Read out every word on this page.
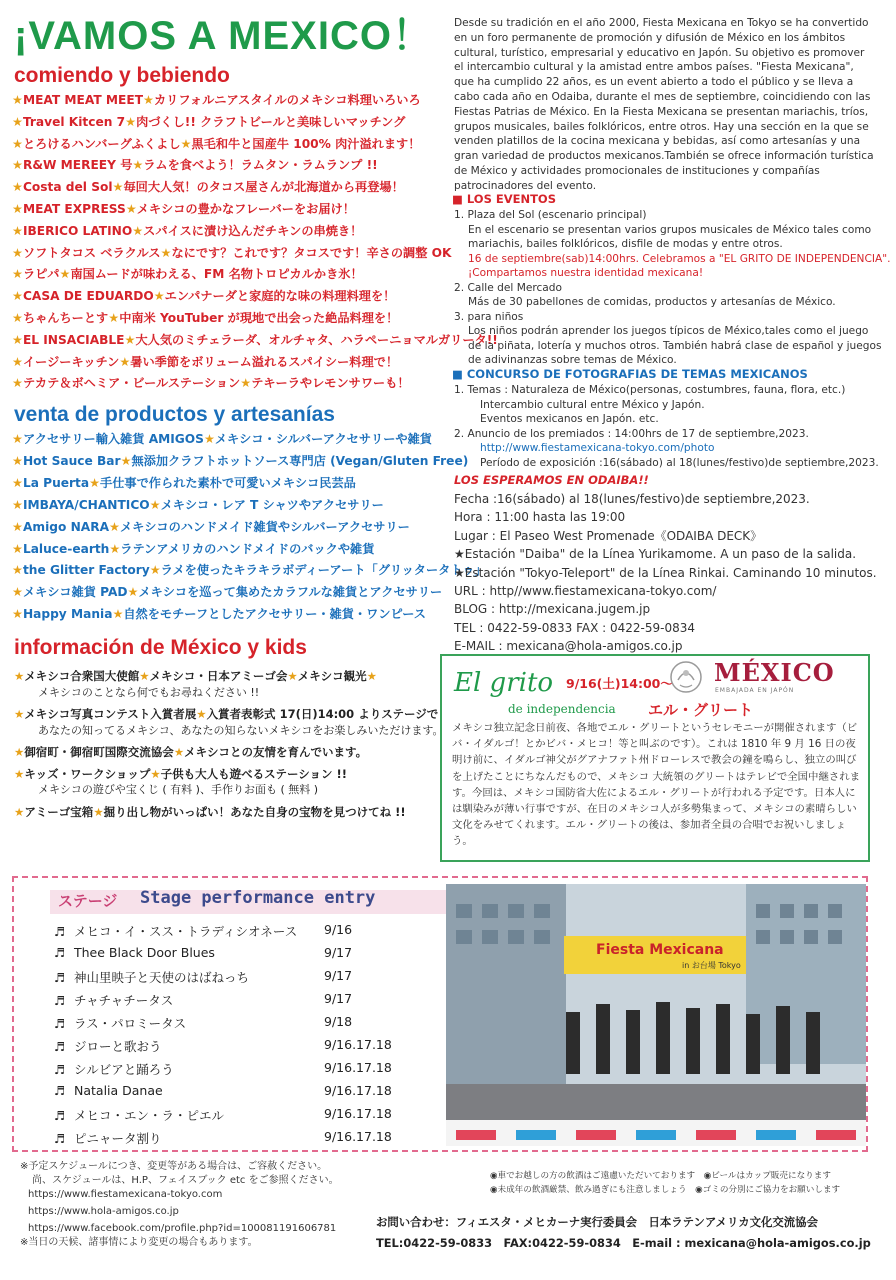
¡VAMOS A MEXICO！
comiendo y bebiendo
★MEAT MEAT MEET★カリフォルニアスタイルのメキシコ料理いろいろ
★Travel Kitcen 7★肉づくし!! クラフトビールと美味しいマッチング
★とろけるハンバーグふくよし★黒毛和牛と国産牛 100% 肉汁溢れます！
★R&W MEREEY 号★ラムを食べよう！ラムタン・ラムランプ !!
★Costa del Sol★毎回大人気！のタコス屋さんが北海道から再登場！
★MEAT EXPRESS★メキシコの豊かなフレーバーをお届け！
★IBERICO LATINO★スパイスに漬け込んだチキンの串焼き！
★ソフトタコス ベラクルス★なにです？これです？タコスです！辛さの調整 OK
★ラピパ★南国ムードが味わえる、FM 名物トロピカルかき氷！
★CASA DE EDUARDO★エンパナーダと家庭的な味の料理料理を！
★ちゃんちーとす★中南米 YouTuber が現地で出会った絶品料理を！
★EL INSACIABLE★大人気のミチェラーダ、オルチャタ、ハラペーニョマルガリータ!!
★イージーキッチン★暑い季節をボリューム溢れるスパイシー料理で！
★テカテ＆ボヘミア・ビールステーション★テキーラやレモンサワーも！
venta de productos y artesanías
★アクセサリー輸入雑貨 AMIGOS★メキシコ・シルバーアクセサリーや雑貨
★Hot Sauce Bar★無添加クラフトホットソース専門店 (Vegan/Gluten Free)
★La Puerta★手仕事で作られた素朴で可愛いメキシコ民芸品
★IMBAYA/CHANTICO★メキシコ・レア T シャツやアクセサリー
★Amigo NARA★メキシコのハンドメイド雑貨やシルバーアクセサリー
★Laluce-earth★ラテンアメリカのハンドメイドのバックや雑貨
★the Glitter Factory★ラメを使ったキラキラボディーアート「グリッタータトゥ」
★メキシコ雑貨 PAD★メキシコを巡って集めたカラフルな雑貨とアクセサリー
★Happy Mania★自然をモチーフとしたアクセサリー・雑貨・ワンピース
información de México y kids
★メキシコ合衆国大使館★メキシコ・日本アミーゴ会★メキシコ観光★
メキシコのことなら何でもお尋ねください !!
★メキシコ写真コンテスト入賞者展★入賞者表彰式 17(日)14:00 よりステージで！
あなたの知ってるメキシコ、あなたの知らないメキシコをお楽しみいただけます。
★御宿町・御宿町国際交流協会★メキシコとの友情を育んでいます。
★キッズ・ワークショップ★子供も大人も遊べるステーション !!
メキシコの遊びや宝くじ ( 有料 )、手作りお面も ( 無料 )
★アミーゴ宝箱★掘り出し物がいっぱい！あなた自身の宝物を見つけてね !!
Desde su tradición en el año 2000, Fiesta Mexicana en Tokyo se ha convertido en un foro permanente de promoción y difusión de México en los ámbitos cultural, turístico, empresarial y educativo en Japón. Su objetivo es promover el intercambio cultural y la amistad entre ambos países. "Fiesta Mexicana", que ha cumplido 22 años, es un event abierto a todo el público y se lleva a cabo cada año en Odaiba, durante el mes de septiembre, coincidiendo con las Fiestas Patrias de México. En la Fiesta Mexicana se presentan mariachis, tríos, grupos musicales, bailes folklóricos, entre otros. Hay una sección en la que se venden platillos de la cocina mexicana y bebidas, así como artesanías y una gran variedad de productos mexicanos.También se ofrece información turística de México y actividades promocionales de instituciones y compañías patrocinadores del evento.
■ LOS EVENTOS
1. Plaza del Sol (escenario principal)
En el escenario se presentan varios grupos musicales de México tales como
mariachis, bailes folklóricos, disfile de modas y entre otros.
16 de septiembre(sab)14:00hrs. Celebramos a "EL GRITO DE INDEPENDENCIA".
¡Compartamos nuestra identidad mexicana!
2. Calle del Mercado
Más de 30 pabellones de comidas, productos y artesanías de México.
3. para niños
Los niños podrán aprender los juegos típicos de México,tales como el juego
de la piñata, lotería y muchos otros. También habrá clase de español y juegos
de adivinanzas sobre temas de México.
■ CONCURSO DE FOTOGRAFIAS DE TEMAS MEXICANOS
1. Temas : Naturaleza de México(personas, costumbres, fauna, flora, etc.)
Intercambio cultural entre México y Japón.
Eventos mexicanos en Japón. etc.
2. Anuncio de los premiados : 14:00hrs de 17 de septiembre,2023.
http://www.fiestamexicana-tokyo.com/photo
Período de exposición :16(sábado) al 18(lunes/festivo)de septiembre,2023.
LOS ESPERAMOS EN ODAIBA!!
Fecha :16(sábado) al 18(lunes/festivo)de septiembre,2023.
Hora : 11:00 hasta las 19:00
Lugar : El Paseo West Promenade《ODAIBA DECK》
★Estación "Daiba" de la Línea Yurikamome. A un paso de la salida.
★Estación "Tokyo-Teleport" de la Línea Rinkai. Caminando 10 minutos.
URL : http//www.fiestamexicana-tokyo.com/
BLOG : http://mexicana.jugem.jp
TEL : 0422-59-0833 FAX : 0422-59-0834
E-MAIL : mexicana@hola-amigos.co.jp
El grito 9/16(土)14:00～
de independencia エル・グリート
MÉXICO
EMBAJADA EN JAPÓN
メキシコ独立記念日前夜、各地でエル・グリートというセレモニーが開催されます（ビバ・イダルゴ！とかビバ・メヒコ！等と叫ぶのです）。これは 1810 年 9 月 16 日の夜明け前に、イダルゴ神父がグアナファト州ドローレスで教会の鐘を鳴らし、独立の叫びを上げたことにちなんだもので、メキシコ 大統領のグリートはテレビで全国中継されます。今回は、メキシコ国防省大佐によるエル・グリートが行われる予定です。日本人には馴染みが薄い行事ですが、在日のメキシコ人が多勢集まって、メキシコの素晴らしい文化をみせてくれます。エル・グリートの後は、参加者全員の合唱でお祝いしましょう。
ステージ Stage performance entry
♬ メヒコ・イ・スス・トラディシオネース 9/16
♬ Thee Black Door Blues	9/17
♬ 神山里映子と天使のはばねっち	9/17
♬ チャチャチータス	9/17
♬ ラス・パロミータス	9/18
♬ ジローと歌おう	9/16.17.18
♬ シルビアと踊ろう	9/16.17.18
♬ Natalia Danae	9/16.17.18
♬ メヒコ・エン・ラ・ピエル	9/16.17.18
♬ ピニャータ割り	9/16.17.18
Fiesta Mexicana
in お台場 Tokyo
※予定スケジュールにつき、変更等がある場合は、ご容赦ください。
尚、スケジュールは、H.P、フェイスブック etc をご参照ください。
https://www.fiestamexicana-tokyo.com
https://www.hola-amigos.co.jp
https://www.facebook.com/profile.php?id=100081191606781
※当日の天候、諸事情により変更の場合もあります。
◉車でお越しの方の飲酒はご遠慮いただいております　◉ビールはカップ販売になります
◉未成年の飲酒厳禁、飲み過ぎにも注意しましょう　◉ゴミの分別にご協力をお願いします
お問い合わせ：フィエスタ・メヒカーナ実行委員会　日本ラテンアメリカ文化交流協会
TEL:0422-59-0833　FAX:0422-59-0834　E-mail : mexicana@hola-amigos.co.jp
